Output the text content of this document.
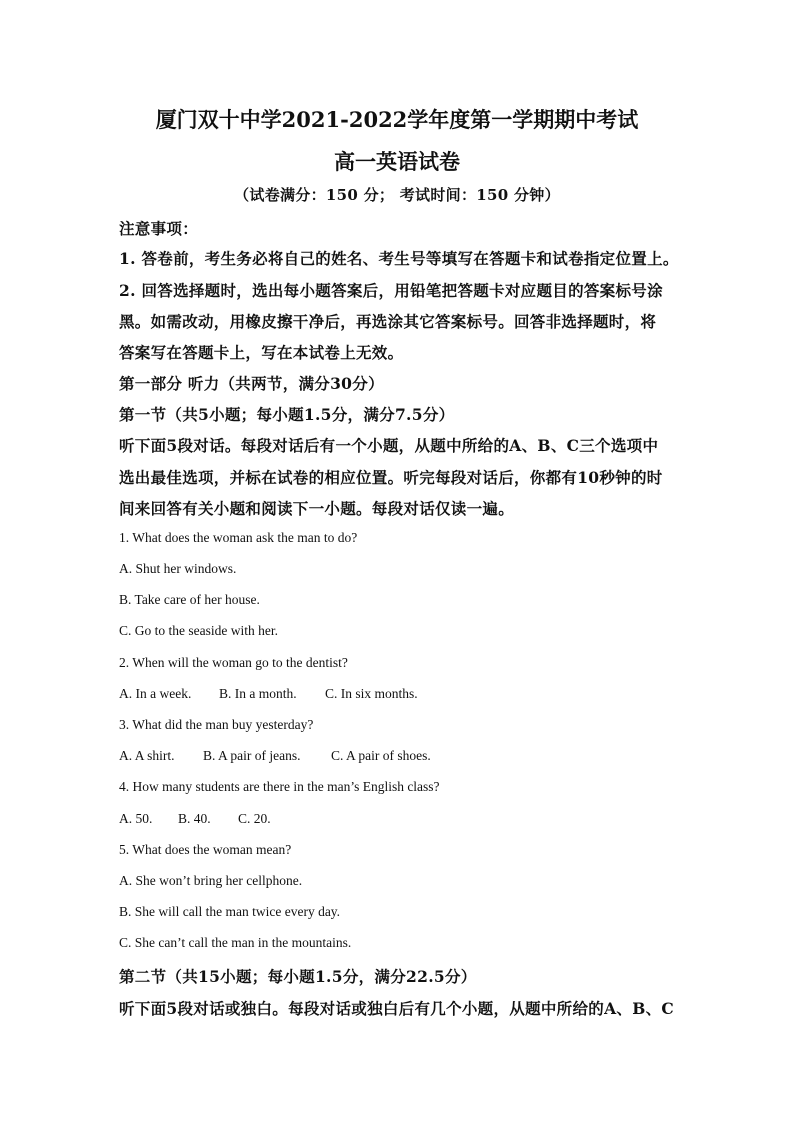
厦门双十中学2021-2022学年度第一学期期中考试
高一英语试卷
（试卷满分：150 分； 考试时间：150 分钟）
注意事项：
1. 答卷前，考生务必将自己的姓名、考生号等填写在答题卡和试卷指定位置上。
2. 回答选择题时，选出每小题答案后，用铅笔把答题卡对应题目的答案标号涂
黑。如需改动，用橡皮擦干净后，再选涂其它答案标号。回答非选择题时，将
答案写在答题卡上，写在本试卷上无效。
第一部分 听力（共两节，满分30分）
第一节（共5小题；每小题1.5分，满分7.5分）
听下面5段对话。每段对话后有一个小题，从题中所给的A、B、C三个选项中
选出最佳选项，并标在试卷的相应位置。听完每段对话后，你都有10秒钟的时
间来回答有关小题和阅读下一小题。每段对话仅读一遍。
1. What does the woman ask the man to do?
A. Shut her windows.
B. Take care of her house.
C. Go to the seaside with her.
2. When will the woman go to the dentist?
A. In a week. B. In a month. C. In six months.
3. What did the man buy yesterday?
A. A shirt. B. A pair of jeans. C. A pair of shoes.
4. How many students are there in the man’s English class?
A. 50. B. 40. C. 20.
5. What does the woman mean?
A. She won’t bring her cellphone.
B. She will call the man twice every day.
C. She can’t call the man in the mountains.
第二节（共15小题；每小题1.5分，满分22.5分）
听下面5段对话或独白。每段对话或独白后有几个小题，从题中所给的A、B、C
